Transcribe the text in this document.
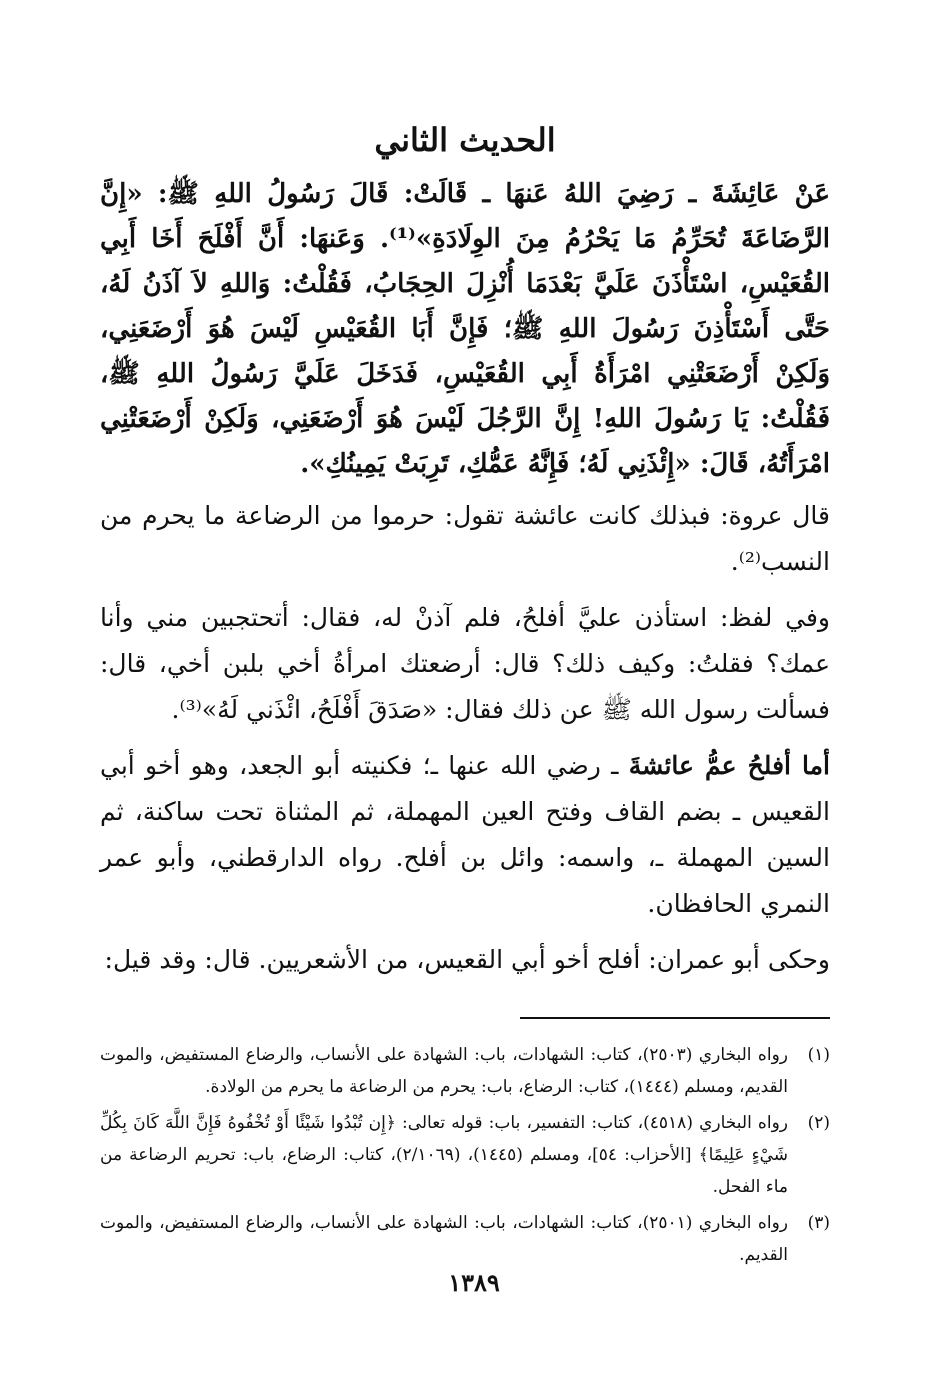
الحديث الثاني

عَنْ عَائِشَةَ ـ رَضِيَ اللهُ عَنهَا ـ قَالَتْ: قَالَ رَسُولُ اللهِ ﷺ: «إِنَّ الرَّضَاعَةَ تُحَرِّمُ مَا يَحْرُمُ مِنَ الوِلَادَةِ»⁽¹⁾. وَعَنهَا: أَنَّ أَفْلَحَ أَخَا أَبِي القُعَيْسِ، اسْتَأْذَنَ عَلَيَّ بَعْدَمَا أُنْزِلَ الحِجَابُ، فَقُلْتُ: وَاللهِ لاَ آذَنُ لَهُ، حَتَّى أَسْتَأْذِنَ رَسُولَ اللهِ ﷺ؛ فَإِنَّ أَبَا القُعَيْسِ لَيْسَ هُوَ أَرْضَعَنِي، وَلَكِنْ أَرْضَعَتْنِي امْرَأَةُ أَبِي القُعَيْسِ، فَدَخَلَ عَلَيَّ رَسُولُ اللهِ ﷺ، فَقُلْتُ: يَا رَسُولَ اللهِ! إِنَّ الرَّجُلَ لَيْسَ هُوَ أَرْضَعَنِي، وَلَكِنْ أَرْضَعَتْنِي امْرَأَتُهُ، قَالَ: «إِئْذَنِي لَهُ؛ فَإِنَّهُ عَمُّكِ، تَرِبَتْ يَمِينُكِ».

قال عروة: فبذلك كانت عائشة تقول: حرموا من الرضاعة ما يحرم من النسب⁽²⁾.

وفي لفظ: استأذن عليَّ أفلحُ، فلم آذنْ له، فقال: أتحتجبين مني وأنا عمك؟ فقلتُ: وكيف ذلك؟ قال: أرضعتك امرأةُ أخي بلبن أخي، قال: فسألت رسول الله ﷺ عن ذلك فقال: «صَدَقَ أَفْلَحُ، ائْذَني لَهُ»⁽³⁾.

أما أفلحُ عمُّ عائشةَ ـ رضي الله عنها ـ؛ فكنيته أبو الجعد، وهو أخو أبي القعيس ـ بضم القاف وفتح العين المهملة، ثم المثناة تحت ساكنة، ثم السين المهملة ـ، واسمه: وائل بن أفلح. رواه الدارقطني، وأبو عمر النمري الحافظان.

وحكى أبو عمران: أفلح أخو أبي القعيس، من الأشعريين. قال: وقد قيل:

(١)
رواه البخاري (٢٥٠٣)، كتاب: الشهادات، باب: الشهادة على الأنساب، والرضاع المستفيض، والموت القديم، ومسلم (١٤٤٤)، كتاب: الرضاع، باب: يحرم من الرضاعة ما يحرم من الولادة.
(٢)
رواه البخاري (٤٥١٨)، كتاب: التفسير، باب: قوله تعالى: ﴿إِن تُبْدُوا شَيْئًا أَوْ تُخْفُوهُ فَإِنَّ اللَّهَ كَانَ بِكُلِّ شَيْءٍ عَلِيمًا﴾ [الأحزاب: ٥٤]، ومسلم (١٤٤٥)، (٢/١٠٦٩)، كتاب: الرضاع، باب: تحريم الرضاعة من ماء الفحل.
(٣)
رواه البخاري (٢٥٠١)، كتاب: الشهادات، باب: الشهادة على الأنساب، والرضاع المستفيض، والموت القديم.
١٣٨٩
